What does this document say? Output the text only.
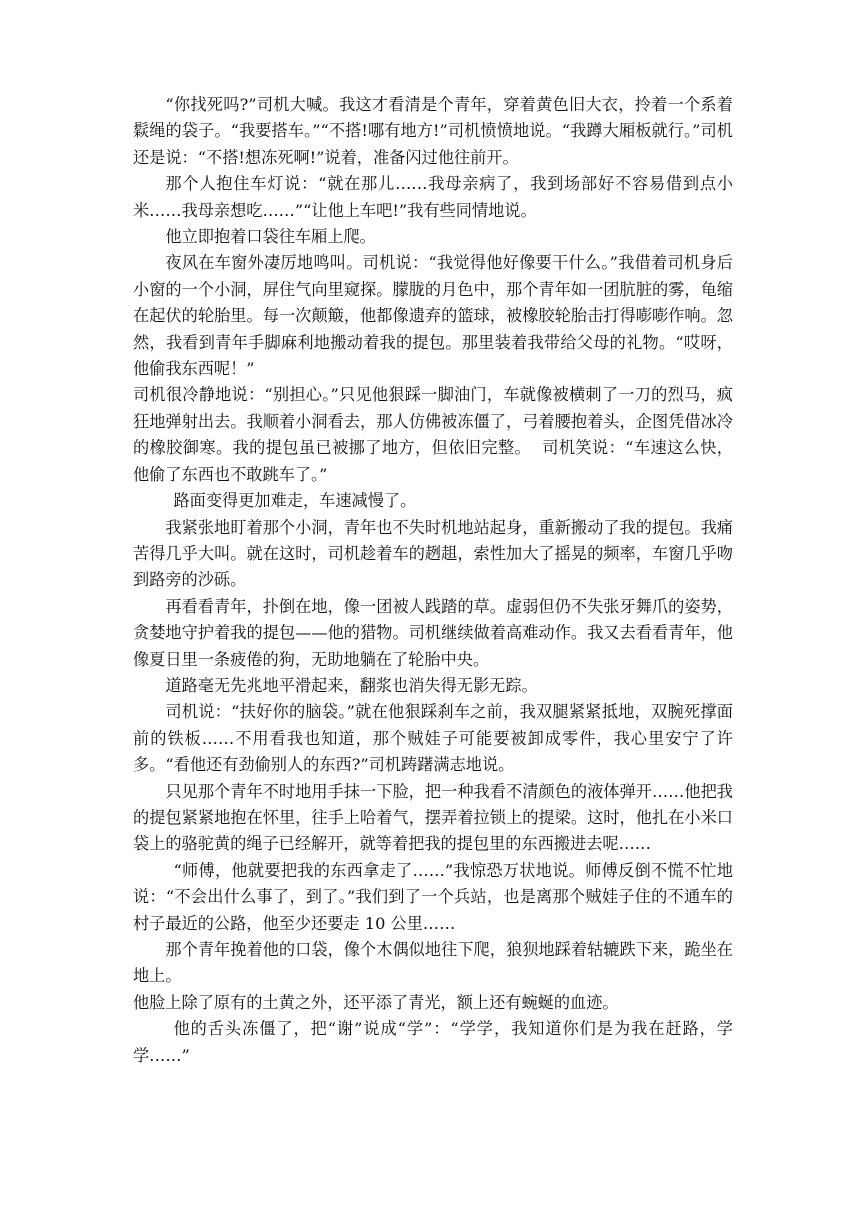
“你找死吗?”司机大喊。我这才看清是个青年，穿着黄色旧大衣，拎着一个系着鬏绳的袋子。“我要搭车。”“不搭!哪有地方!”司机愤愤地说。“我蹲大厢板就行。”司机还是说：“不搭!想冻死啊!”说着，准备闪过他往前开。

那个人抱住车灯说：“就在那儿……我母亲病了，我到场部好不容易借到点小米……我母亲想吃……”“让他上车吧!”我有些同情地说。

他立即抱着口袋往车厢上爬。

夜风在车窗外凄厉地鸣叫。司机说：“我觉得他好像要干什么。”我借着司机身后小窗的一个小洞，屏住气向里窥探。朦胧的月色中，那个青年如一团肮脏的雾，龟缩在起伏的轮胎里。每一次颠簸，他都像遗弃的篮球，被橡胶轮胎击打得嘭嘭作响。忽然，我看到青年手脚麻利地搬动着我的提包。那里装着我带给父母的礼物。“哎呀，他偷我东西呢！”

司机很冷静地说：“别担心。”只见他狠踩一脚油门，车就像被横刺了一刀的烈马，疯狂地弹射出去。我顺着小洞看去，那人仿佛被冻僵了，弓着腰抱着头，企图凭借冰冷的橡胶御寒。我的提包虽已被挪了地方，但依旧完整。  司机笑说：“车速这么快，他偷了东西也不敢跳车了。”

路面变得更加难走，车速减慢了。

我紧张地盯着那个小洞，青年也不失时机地站起身，重新搬动了我的提包。我痛苦得几乎大叫。就在这时，司机趁着车的趔趄，索性加大了摇晃的频率，车窗几乎吻到路旁的沙砾。

再看看青年，扑倒在地，像一团被人践踏的草。虚弱但仍不失张牙舞爪的姿势，贪婪地守护着我的提包——他的猎物。司机继续做着高难动作。我又去看看青年，他像夏日里一条疲倦的狗，无助地躺在了轮胎中央。

道路毫无先兆地平滑起来，翻浆也消失得无影无踪。

司机说：“扶好你的脑袋。”就在他狠踩刹车之前，我双腿紧紧抵地，双腕死撑面前的铁板……不用看我也知道，那个贼娃子可能要被卸成零件，我心里安宁了许多。“看他还有劲偷别人的东西?”司机踌躇满志地说。

只见那个青年不时地用手抹一下脸，把一种我看不清颜色的液体弹开……他把我的提包紧紧地抱在怀里，往手上哈着气，摆弄着拉锁上的提梁。这时，他扎在小米口袋上的骆驼黄的绳子已经解开，就等着把我的提包里的东西搬进去呢……

“师傅，他就要把我的东西拿走了……”我惊恐万状地说。师傅反倒不慌不忙地说：“不会出什么事了，到了。”我们到了一个兵站，也是离那个贼娃子住的不通车的村子最近的公路，他至少还要走 10 公里……

那个青年挽着他的口袋，像个木偶似地往下爬，狼狈地踩着轱辘跌下来，跪坐在地上。

他脸上除了原有的土黄之外，还平添了青光，额上还有蜿蜒的血迹。

他的舌头冻僵了，把“谢”说成“学”：“学学，我知道你们是为我在赶路，学学……”
